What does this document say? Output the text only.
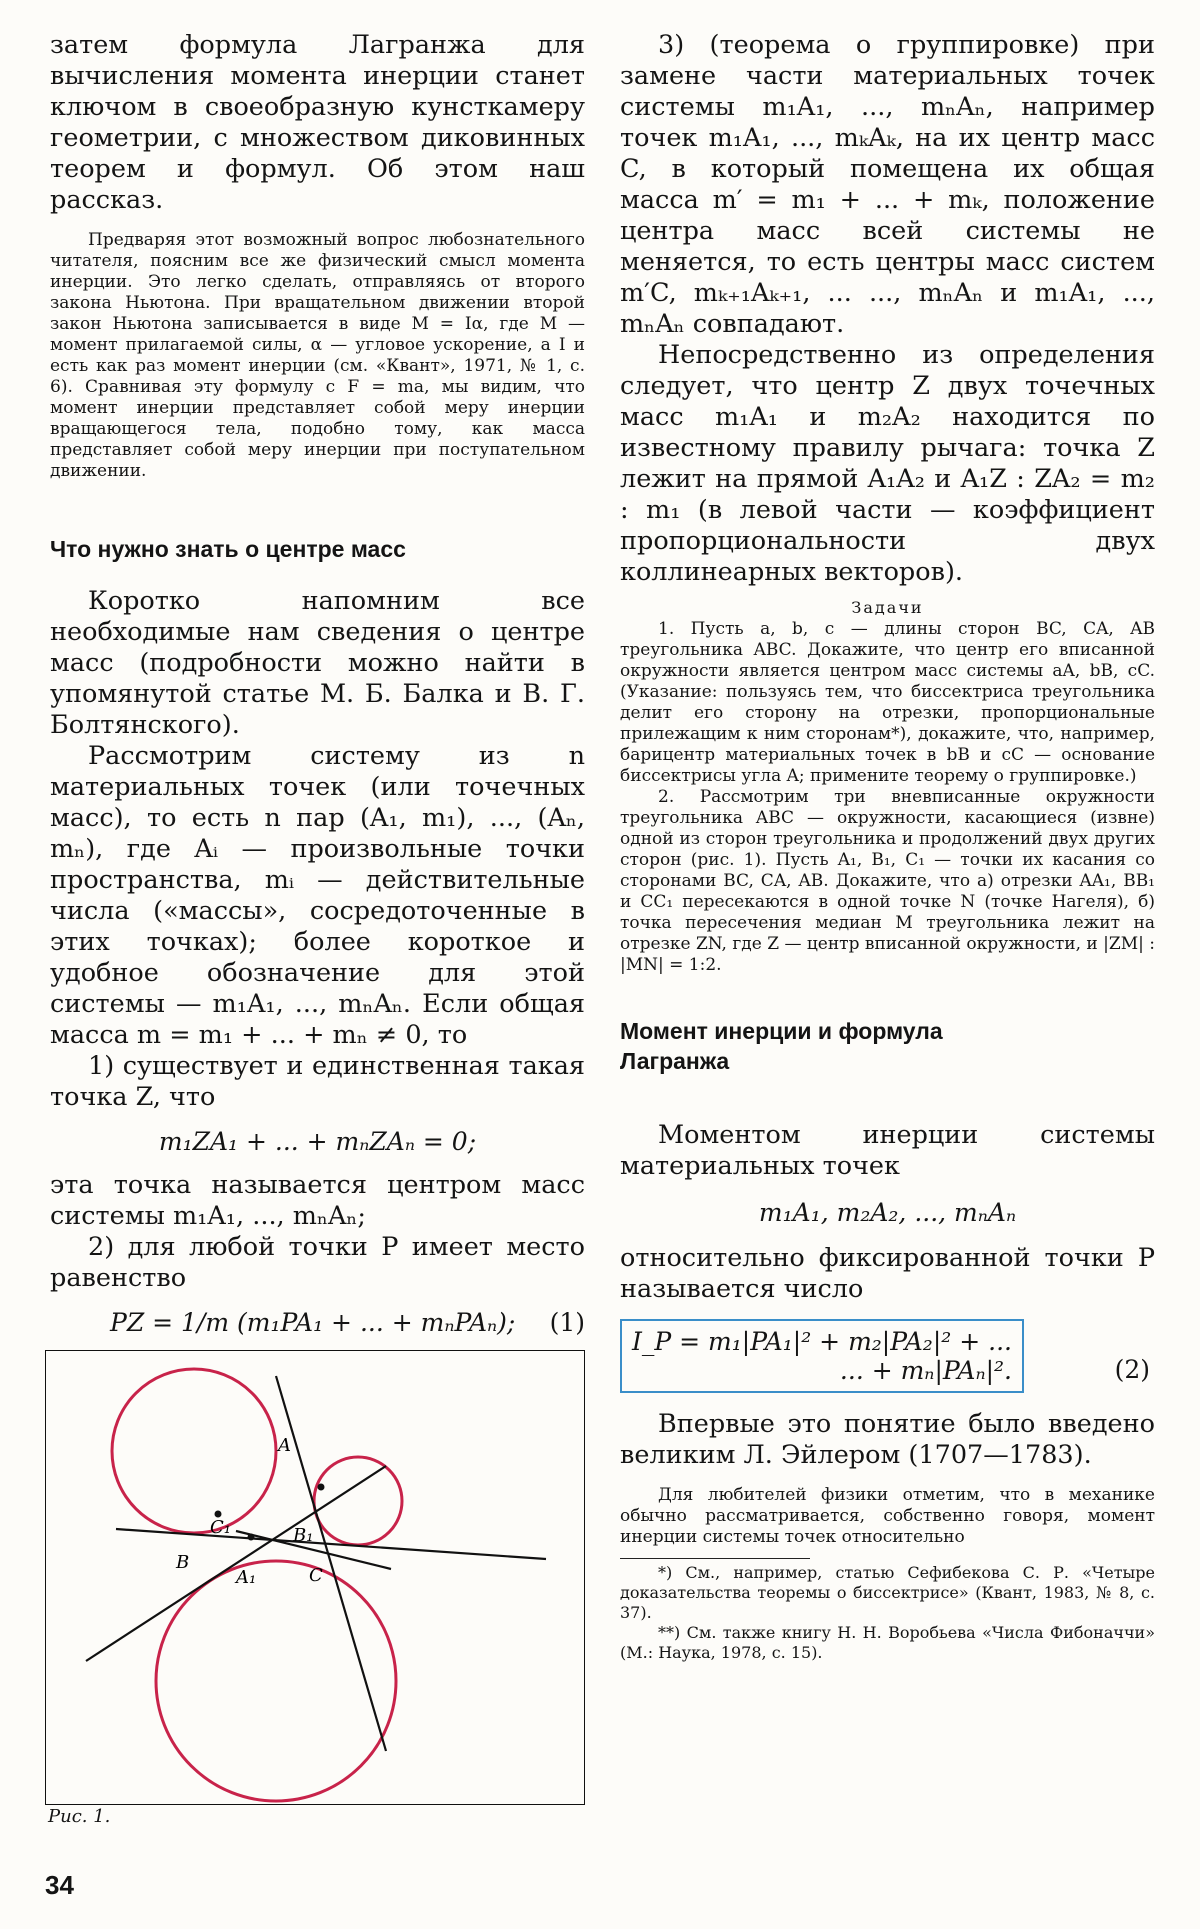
затем формула Лагранжа для вычисления момента инерции станет ключом в своеобразную кунсткамеру геометрии, с множеством диковинных теорем и формул. Об этом наш рассказ.

Предваряя этот возможный вопрос любознательного читателя, поясним все же физический смысл момента инерции. Это легко сделать, отправляясь от второго закона Ньютона. При вращательном движении второй закон Ньютона записывается в виде M = Iα, где M — момент прилагаемой силы, α — угловое ускорение, а I и есть как раз момент инерции (см. «Квант», 1971, № 1, с. 6). Сравнивая эту формулу с F = ma, мы видим, что момент инерции представляет собой меру инерции вращающегося тела, подобно тому, как масса представляет собой меру инерции при поступательном движении.

Что нужно знать о центре масс

Коротко напомним все необходимые нам сведения о центре масс (подробности можно найти в упомянутой статье М. Б. Балка и В. Г. Болтянского).

Рассмотрим систему из n материальных точек (или точечных масс), то есть n пар (A₁, m₁), ..., (Aₙ, mₙ), где Aᵢ — произвольные точки пространства, mᵢ — действительные числа («массы», сосредоточенные в этих точках); более короткое и удобное обозначение для этой системы — m₁A₁, ..., mₙAₙ. Если общая масса m = m₁ + ... + mₙ ≠ 0, то

1) существует и единственная такая точка Z, что

m₁ZA₁ + ... + mₙZAₙ = 0;

эта точка называется центром масс системы m₁A₁, ..., mₙAₙ;

2) для любой точки P имеет место равенство

PZ = 1/m (m₁PA₁ + ... + mₙPAₙ); (1)
A
B
C
C₁	B₁
A₁
Рис. 1.

3) (теорема о группировке) при замене части материальных точек системы m₁A₁, ..., mₙAₙ, например точек m₁A₁, ..., mₖAₖ, на их центр масс C, в который помещена их общая масса m′ = m₁ + ... + mₖ, положение центра масс всей системы не меняется, то есть центры масс систем m′C, mₖ₊₁Aₖ₊₁, ... ..., mₙAₙ и m₁A₁, ..., mₙAₙ совпадают.

Непосредственно из определения следует, что центр Z двух точечных масс m₁A₁ и m₂A₂ находится по известному правилу рычага: точка Z лежит на прямой A₁A₂ и A₁Z : ZA₂ = m₂ : m₁ (в левой части — коэффициент пропорциональности двух коллинеарных векторов).

Задачи

1. Пусть a, b, c — длины сторон BC, CA, AB треугольника ABC. Докажите, что центр его вписанной окружности является центром масс системы aA, bB, cC. (Указание: пользуясь тем, что биссектриса треугольника делит его сторону на отрезки, пропорциональные прилежащим к ним сторонам*), докажите, что, например, барицентр материальных точек в bB и cC — основание биссектрисы угла A; примените теорему о группировке.)

2. Рассмотрим три вневписанные окружности треугольника ABC — окружности, касающиеся (извне) одной из сторон треугольника и продолжений двух других сторон (рис. 1). Пусть A₁, B₁, C₁ — точки их касания со сторонами BC, CA, AB. Докажите, что а) отрезки AA₁, BB₁ и CC₁ пересекаются в одной точке N (точке Нагеля), б) точка пересечения медиан M треугольника лежит на отрезке ZN, где Z — центр вписанной окружности, и |ZM| : |MN| = 1:2.

Момент инерции и формула Лагранжа

Моментом инерции системы материальных точек

m₁A₁, m₂A₂, ..., mₙAₙ

относительно фиксированной точки P называется число

I_P = m₁|PA₁|² + m₂|PA₂|² + ...
... + mₙ|PAₙ|².	(2)

Впервые это понятие было введено великим Л. Эйлером (1707—1783).

Для любителей физики отметим, что в механике обычно рассматривается, собственно говоря, момент инерции системы точек относительно

*) См., например, статью Сефибекова С. Р. «Четыре доказательства теоремы о биссектрисе» (Квант, 1983, № 8, с. 37).

**) См. также книгу Н. Н. Воробьева «Числа Фибоначчи» (М.: Наука, 1978, с. 15).

34
